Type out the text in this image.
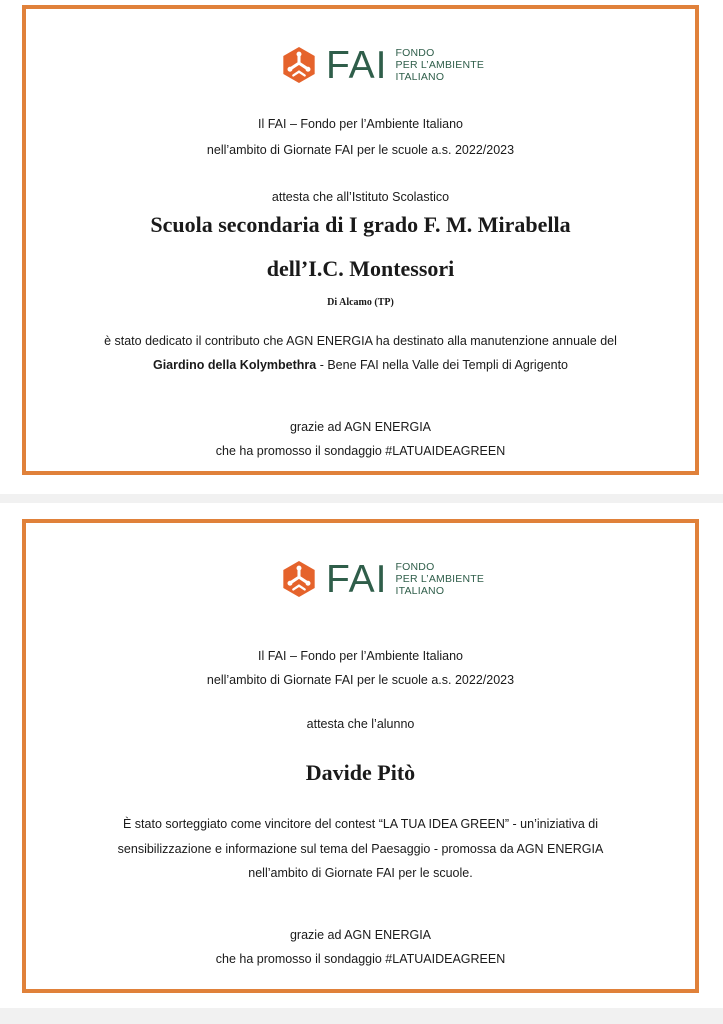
FAI FONDO
PER L’AMBIENTE
ITALIANO
Il FAI – Fondo per l’Ambiente Italiano
nell’ambito di Giornate FAI per le scuole a.s. 2022/2023
attesta che all’Istituto Scolastico
Scuola secondaria di I grado F. M. Mirabella
dell’I.C. Montessori
Di Alcamo (TP)
è stato dedicato il contributo che AGN ENERGIA ha destinato alla manutenzione annuale del
Giardino della Kolymbethra - Bene FAI nella Valle dei Templi di Agrigento
grazie ad AGN ENERGIA
che ha promosso il sondaggio #LATUAIDEAGREEN
FAI FONDO
PER L’AMBIENTE
ITALIANO
Il FAI – Fondo per l’Ambiente Italiano
nell’ambito di Giornate FAI per le scuole a.s. 2022/2023
attesta che l’alunno
Davide Pitò
È stato sorteggiato come vincitore del contest “LA TUA IDEA GREEN” - un’iniziativa di
sensibilizzazione e informazione sul tema del Paesaggio - promossa da AGN ENERGIA
nell’ambito di Giornate FAI per le scuole.
grazie ad AGN ENERGIA
che ha promosso il sondaggio #LATUAIDEAGREEN
